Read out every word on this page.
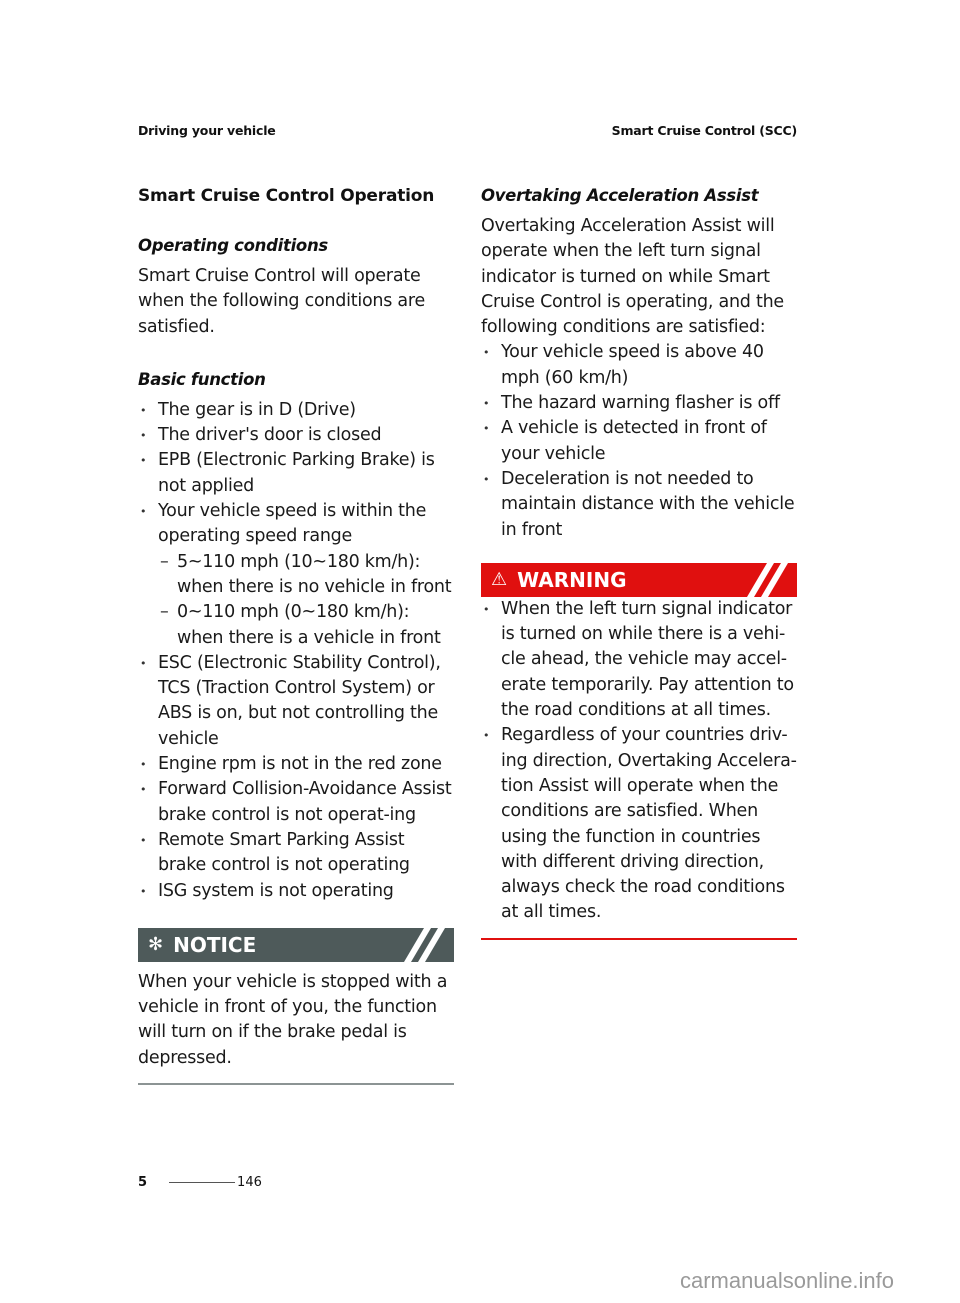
Driving your vehicle	Smart Cruise Control (SCC)
Smart Cruise Control Operation
Operating conditions

Smart Cruise Control will operate when the following conditions are satisfied.

Basic function
• The gear is in D (Drive)
• The driver's door is closed
• EPB (Electronic Parking Brake) is not applied
• Your vehicle speed is within the operating speed range
– 5~110 mph (10~180 km/h): when there is no vehicle in front
– 0~110 mph (0~180 km/h): when there is a vehicle in front
• ESC (Electronic Stability Control), TCS (Traction Control System) or ABS is on, but not controlling the vehicle
• Engine rpm is not in the red zone
• Forward Collision-Avoidance Assist brake control is not operat-ing
• Remote Smart Parking Assist brake control is not operating
• ISG system is not operating
✻ NOTICE

When your vehicle is stopped with a vehicle in front of you, the function will turn on if the brake pedal is depressed.

Overtaking Acceleration Assist

Overtaking Acceleration Assist will operate when the left turn signal indicator is turned on while Smart Cruise Control is operating, and the following conditions are satisfied:

• Your vehicle speed is above 40 mph (60 km/h)
• The hazard warning flasher is off
• A vehicle is detected in front of your vehicle
• Deceleration is not needed to maintain distance with the vehicle in front
⚠ WARNING
• When the left turn signal indicator is turned on while there is a vehi-cle ahead, the vehicle may accel-erate temporarily. Pay attention to the road conditions at all times.
• Regardless of your countries driv-ing direction, Overtaking Accelera-tion Assist will operate when the conditions are satisfied. When using the function in countries with different driving direction, always check the road conditions at all times.
5	146
carmanualsonline.info
